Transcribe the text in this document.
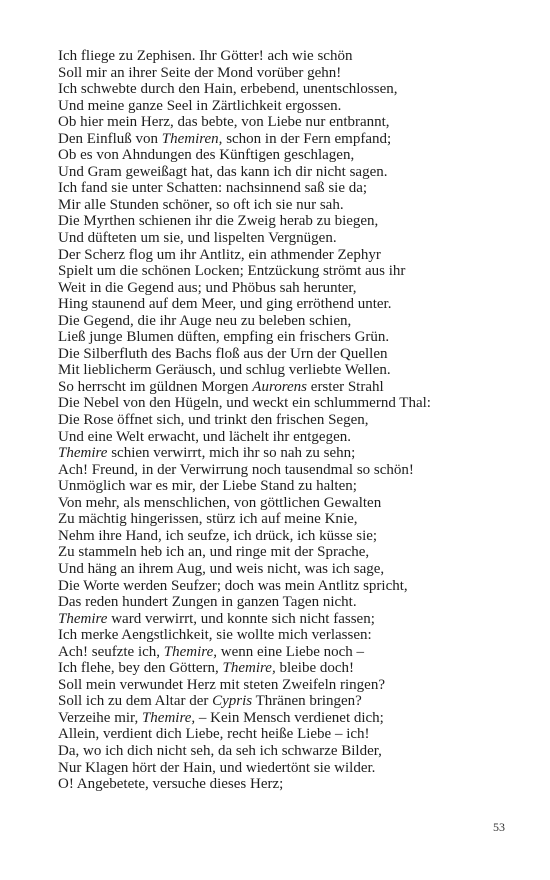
Ich fliege zu Zephisen. Ihr Götter! ach wie schön
Soll mir an ihrer Seite der Mond vorüber gehn!
Ich schwebte durch den Hain, erbebend, unentschlossen,
Und meine ganze Seel in Zärtlichkeit ergossen.
Ob hier mein Herz, das bebte, von Liebe nur entbrannt,
Den Einfluß von Themiren, schon in der Fern empfand;
Ob es von Ahndungen des Künftigen geschlagen,
Und Gram geweißagt hat, das kann ich dir nicht sagen.
Ich fand sie unter Schatten: nachsinnend saß sie da;
Mir alle Stunden schöner, so oft ich sie nur sah.
Die Myrthen schienen ihr die Zweig herab zu biegen,
Und düfteten um sie, und lispelten Vergnügen.
Der Scherz flog um ihr Antlitz, ein athmender Zephyr
Spielt um die schönen Locken; Entzückung strömt aus ihr
Weit in die Gegend aus; und Phöbus sah herunter,
Hing staunend auf dem Meer, und ging erröthend unter.
Die Gegend, die ihr Auge neu zu beleben schien,
Ließ junge Blumen düften, empfing ein frischers Grün.
Die Silberfluth des Bachs floß aus der Urn der Quellen
Mit lieblicherm Geräusch, und schlug verliebte Wellen.
So herrscht im güldnen Morgen Aurorens erster Strahl
Die Nebel von den Hügeln, und weckt ein schlummernd Thal:
Die Rose öffnet sich, und trinkt den frischen Segen,
Und eine Welt erwacht, und lächelt ihr entgegen.
Themire schien verwirrt, mich ihr so nah zu sehn;
Ach! Freund, in der Verwirrung noch tausendmal so schön!
Unmöglich war es mir, der Liebe Stand zu halten;
Von mehr, als menschlichen, von göttlichen Gewalten
Zu mächtig hingerissen, stürz ich auf meine Knie,
Nehm ihre Hand, ich seufze, ich drück, ich küsse sie;
Zu stammeln heb ich an, und ringe mit der Sprache,
Und häng an ihrem Aug, und weis nicht, was ich sage,
Die Worte werden Seufzer; doch was mein Antlitz spricht,
Das reden hundert Zungen in ganzen Tagen nicht.
Themire ward verwirrt, und konnte sich nicht fassen;
Ich merke Aengstlichkeit, sie wollte mich verlassen:
Ach! seufzte ich, Themire, wenn eine Liebe noch –
Ich flehe, bey den Göttern, Themire, bleibe doch!
Soll mein verwundet Herz mit steten Zweifeln ringen?
Soll ich zu dem Altar der Cypris Thränen bringen?
Verzeihe mir, Themire, – Kein Mensch verdienet dich;
Allein, verdient dich Liebe, recht heiße Liebe – ich!
Da, wo ich dich nicht seh, da seh ich schwarze Bilder,
Nur Klagen hört der Hain, und wiedertönt sie wilder.
O! Angebetete, versuche dieses Herz;
53
